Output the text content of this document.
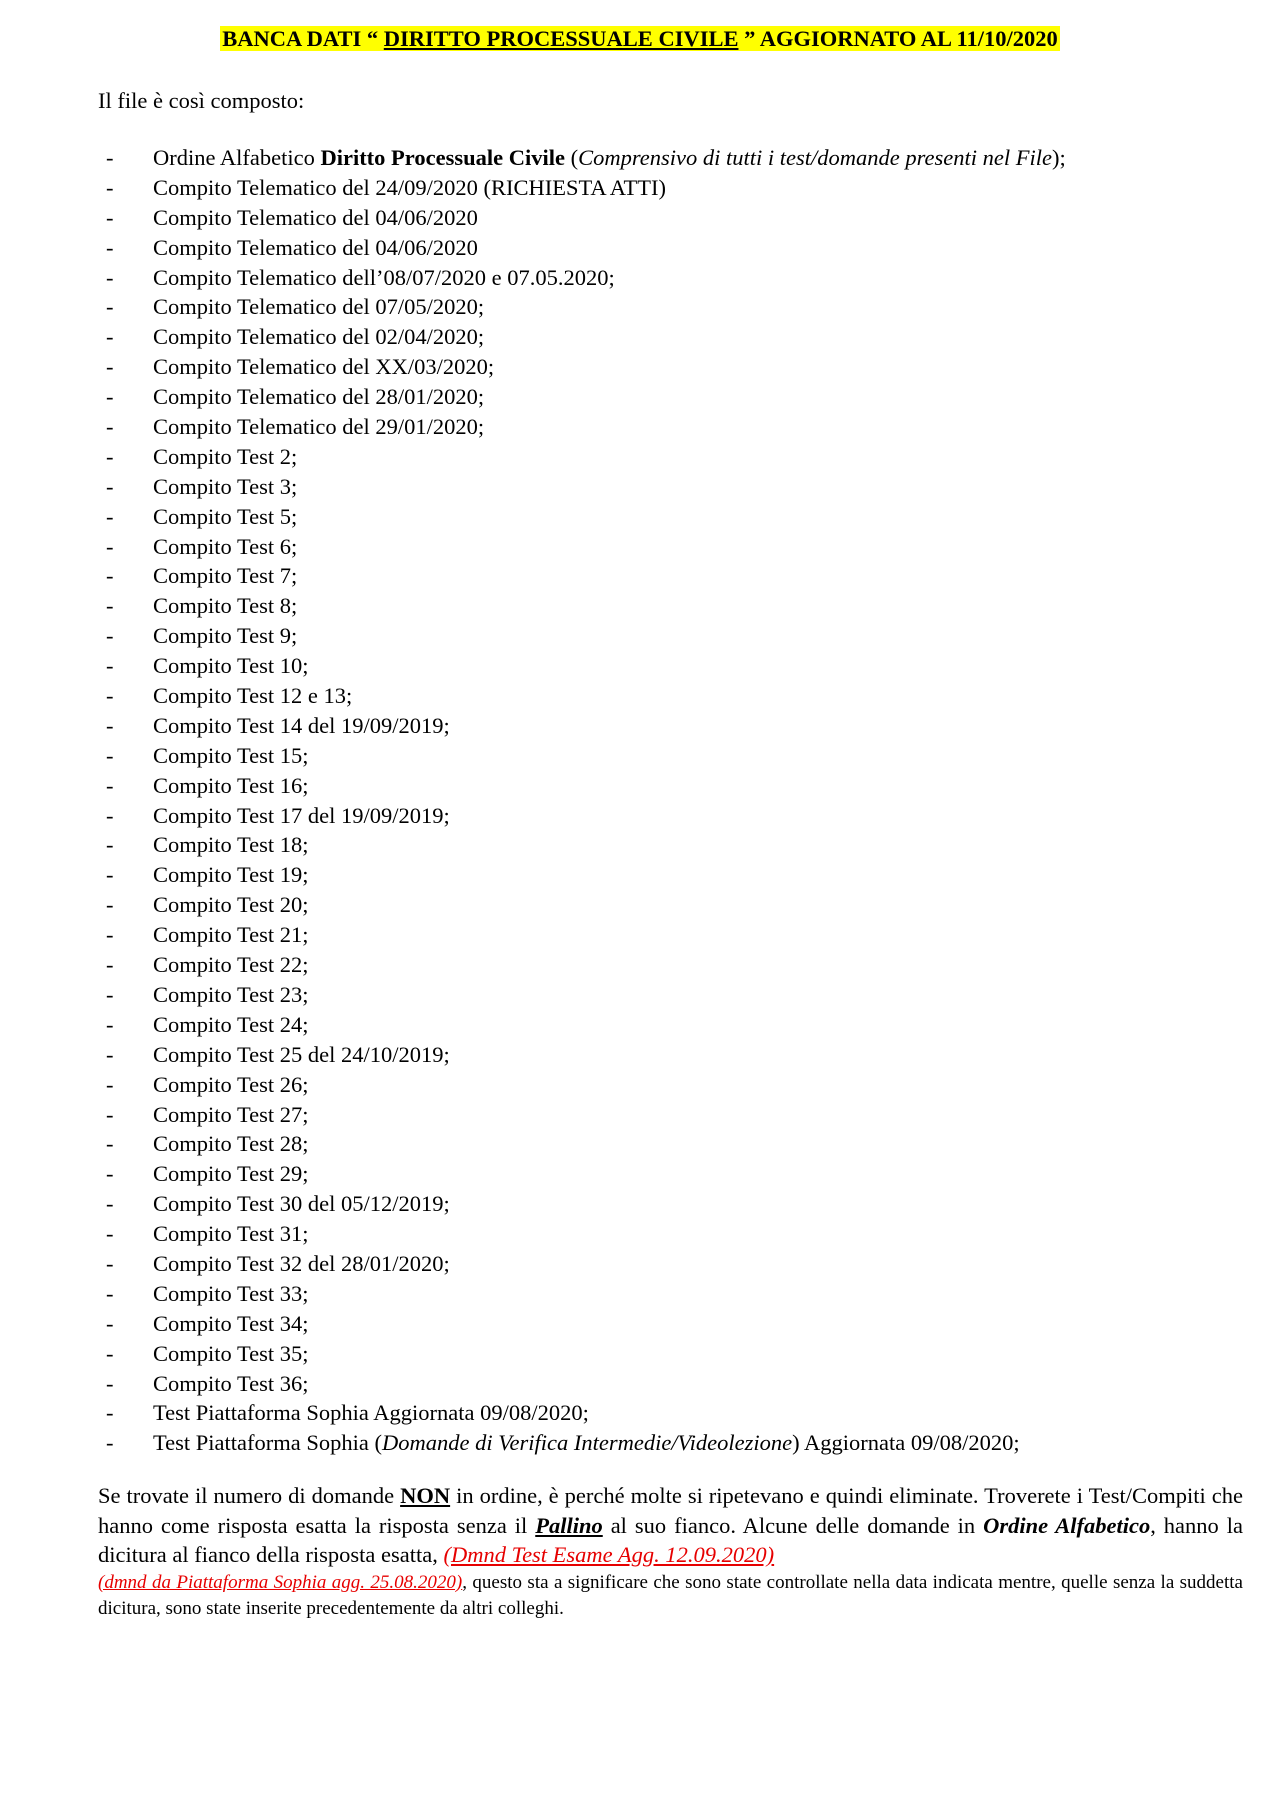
BANCA DATI “ DIRITTO PROCESSUALE CIVILE ” AGGIORNATO AL 11/10/2020
Il file è così composto:
- Ordine Alfabetico Diritto Processuale Civile (Comprensivo di tutti i test/domande presenti nel File);
- Compito Telematico del 24/09/2020 (RICHIESTA ATTI)
- Compito Telematico del 04/06/2020
- Compito Telematico del 04/06/2020
- Compito Telematico dell’08/07/2020 e 07.05.2020;
- Compito Telematico del 07/05/2020;
- Compito Telematico del 02/04/2020;
- Compito Telematico del XX/03/2020;
- Compito Telematico del 28/01/2020;
- Compito Telematico del 29/01/2020;
- Compito Test 2;
- Compito Test 3;
- Compito Test 5;
- Compito Test 6;
- Compito Test 7;
- Compito Test 8;
- Compito Test 9;
- Compito Test 10;
- Compito Test 12 e 13;
- Compito Test 14 del 19/09/2019;
- Compito Test 15;
- Compito Test 16;
- Compito Test 17 del 19/09/2019;
- Compito Test 18;
- Compito Test 19;
- Compito Test 20;
- Compito Test 21;
- Compito Test 22;
- Compito Test 23;
- Compito Test 24;
- Compito Test 25 del 24/10/2019;
- Compito Test 26;
- Compito Test 27;
- Compito Test 28;
- Compito Test 29;
- Compito Test 30 del 05/12/2019;
- Compito Test 31;
- Compito Test 32 del 28/01/2020;
- Compito Test 33;
- Compito Test 34;
- Compito Test 35;
- Compito Test 36;
- Test Piattaforma Sophia Aggiornata 09/08/2020;
- Test Piattaforma Sophia (Domande di Verifica Intermedie/Videolezione) Aggiornata 09/08/2020;

Se trovate il numero di domande NON in ordine, è perché molte si ripetevano e quindi eliminate. Troverete i Test/Compiti che hanno come risposta esatta la risposta senza il Pallino al suo fianco. Alcune delle domande in Ordine Alfabetico, hanno la dicitura al fianco della risposta esatta, (Dmnd Test Esame Agg. 12.09.2020)

(dmnd da Piattaforma Sophia agg. 25.08.2020), questo sta a significare che sono state controllate nella data indicata mentre, quelle senza la suddetta dicitura, sono state inserite precedentemente da altri colleghi.
